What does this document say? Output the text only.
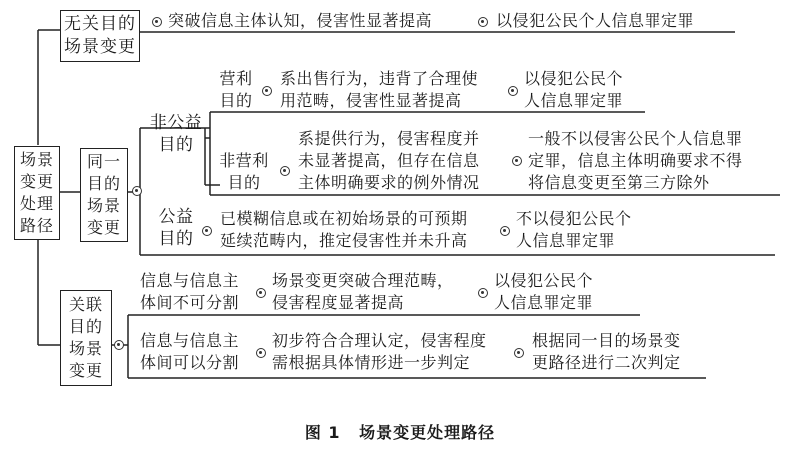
场景
变更
处理
路径
无关目的
场景变更
突破信息主体认知，侵害性显著提高	以侵犯公民个人信息罪定罪
同一
目的
场景
变更
非公益
目的
营利
目的
系出售行为，违背了合理使
用范畴，侵害性显著提高
以侵犯公民个
人信息罪定罪
非营利
目的
系提供行为，侵害程度并
未显著提高，但存在信息
主体明确要求的例外情况
一般不以侵害公民个人信息罪
定罪，信息主体明确要求不得
将信息变更至第三方除外
公益
目的
已模糊信息或在初始场景的可预期
延续范畴内，推定侵害性并未升高
不以侵犯公民个
人信息罪定罪
关联
目的
场景
变更
信息与信息主
体间不可分割
场景变更突破合理范畴，
侵害程度显著提高
以侵犯公民个
人信息罪定罪
信息与信息主
体间可以分割
初步符合合理认定，侵害程度
需根据具体情形进一步判定
根据同一目的场景变
更路径进行二次判定
图 1 场景变更处理路径
